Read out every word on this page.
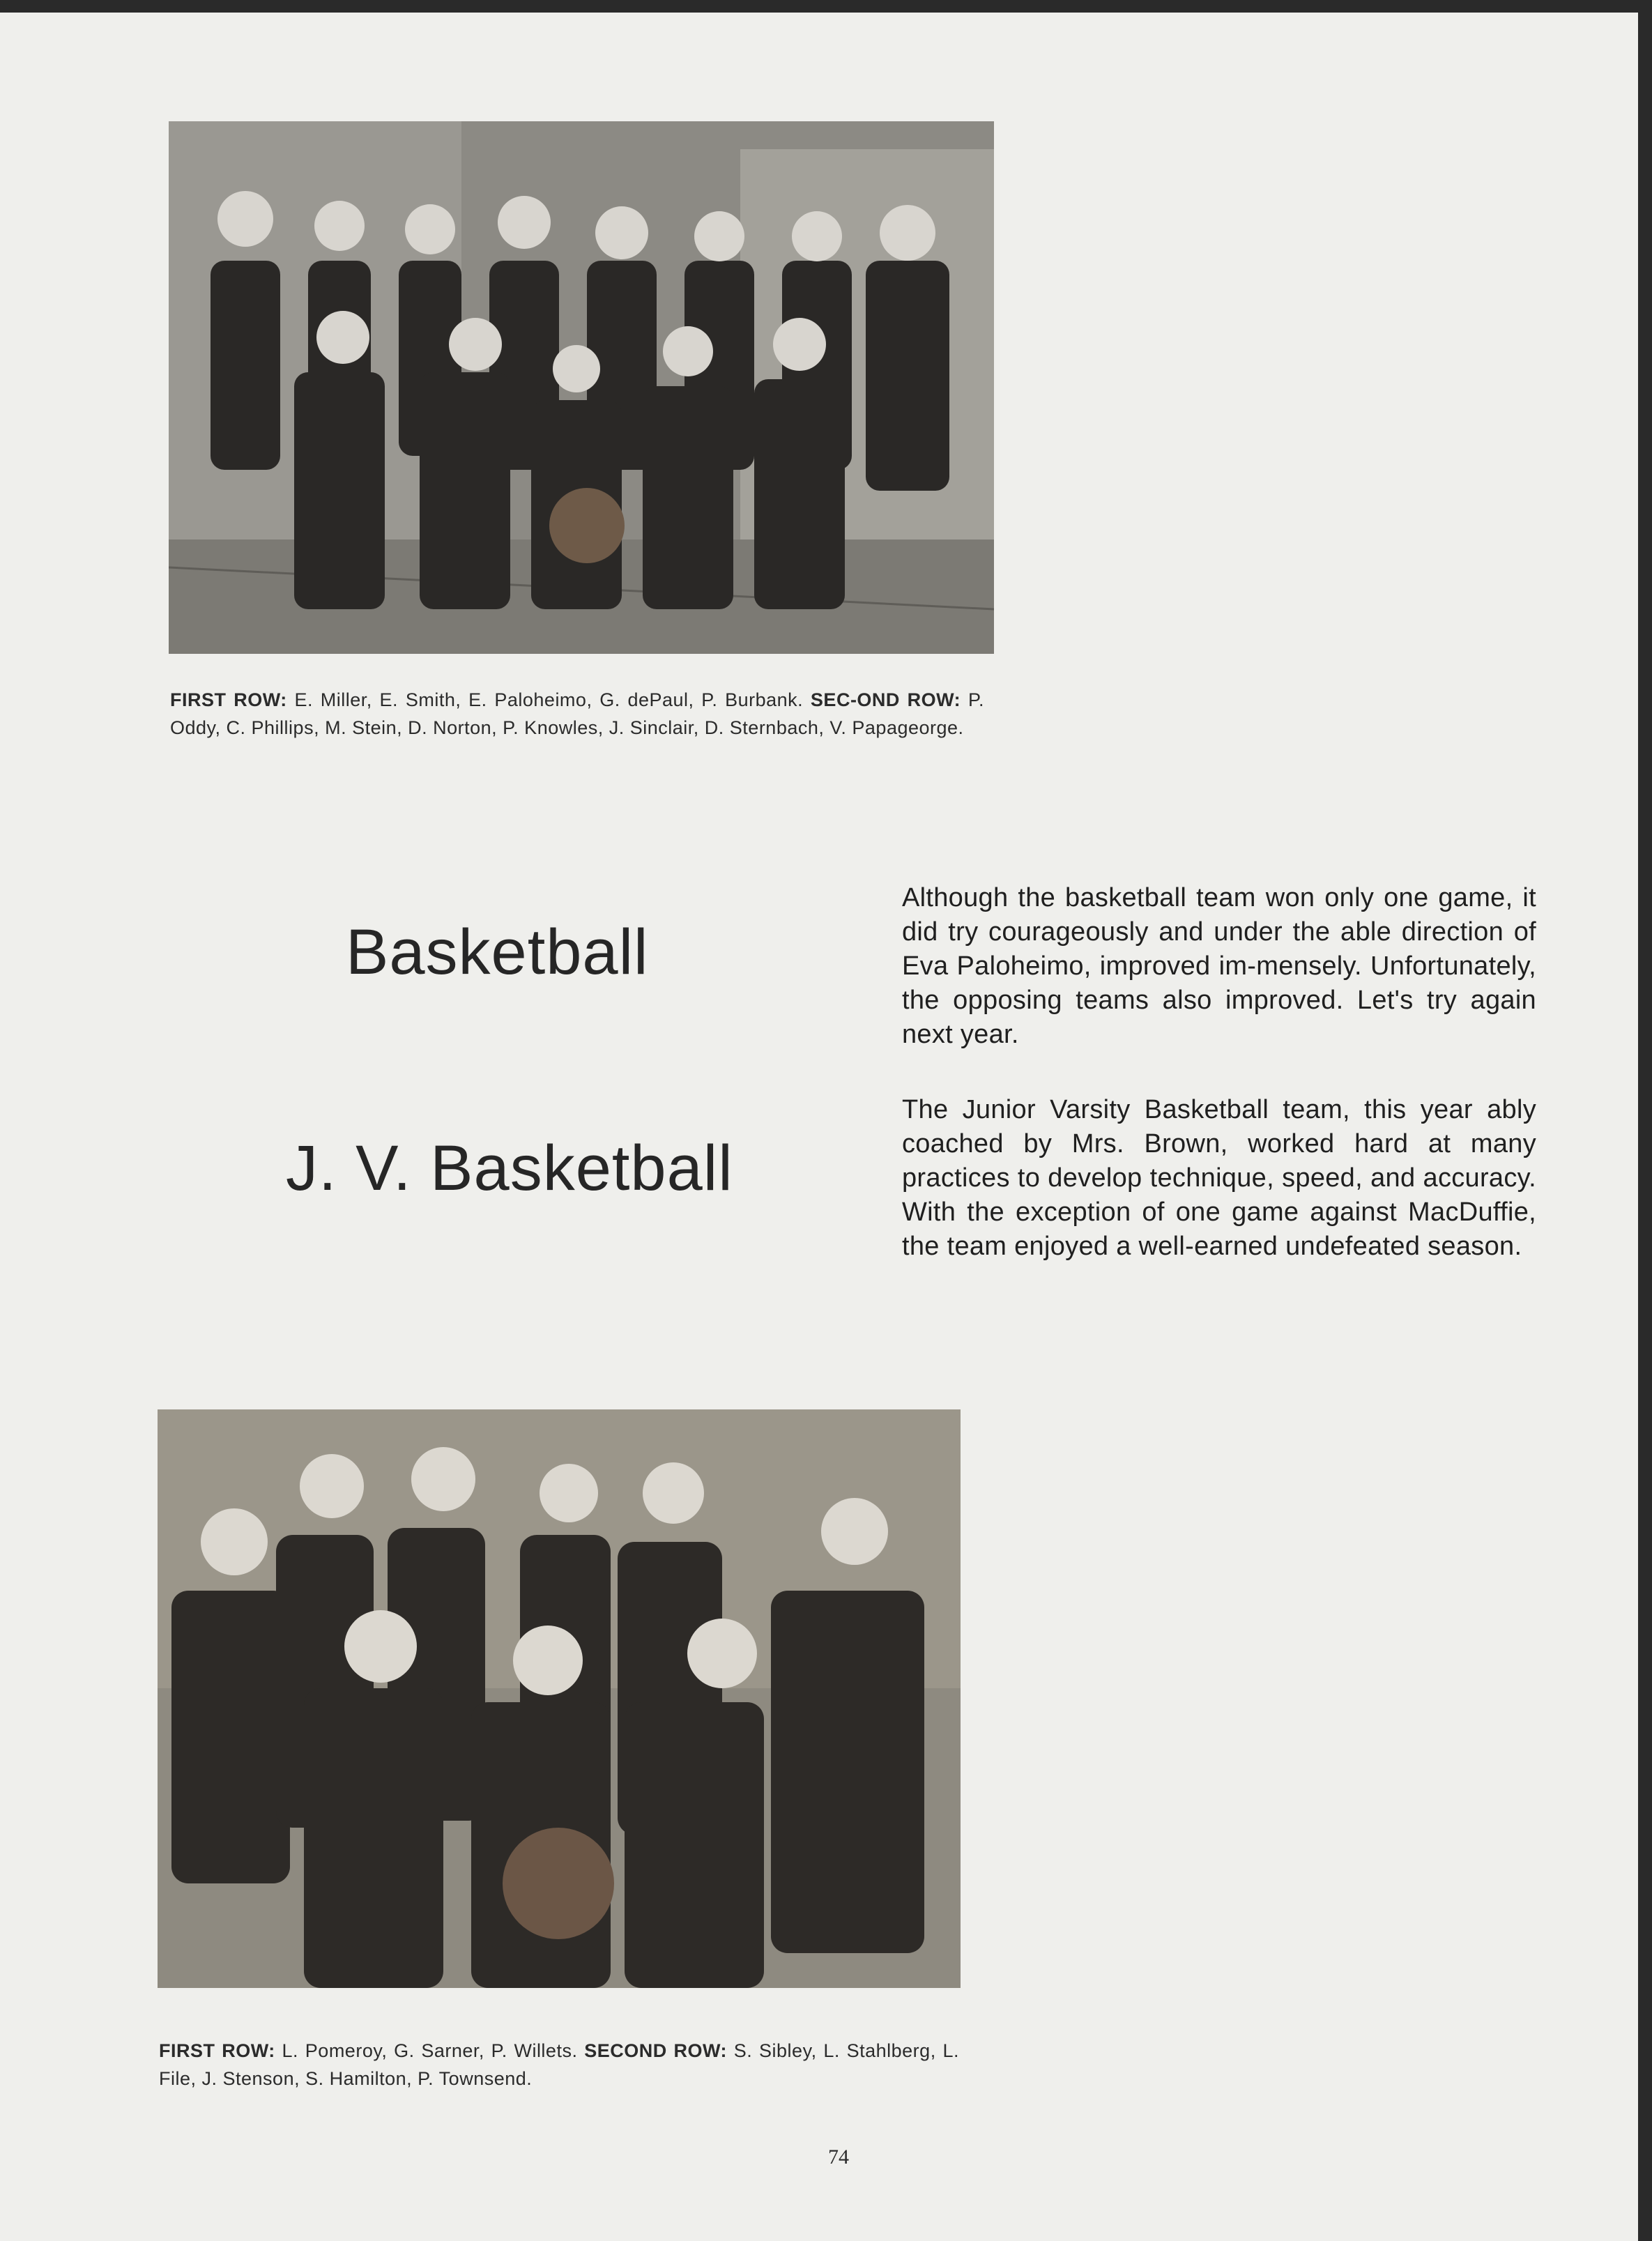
FIRST ROW: E. Miller, E. Smith, E. Paloheimo, G. dePaul, P. Burbank. SEC-OND ROW: P. Oddy, C. Phillips, M. Stein, D. Norton, P. Knowles, J. Sinclair, D. Sternbach, V. Papageorge.
Basketball
J. V. Basketball

Although the basketball team won only one game, it did try courageously and under the able direction of Eva Paloheimo, improved im-mensely. Unfortunately, the opposing teams also improved. Let's try again next year.

The Junior Varsity Basketball team, this year ably coached by Mrs. Brown, worked hard at many practices to develop technique, speed, and accuracy. With the exception of one game against MacDuffie, the team enjoyed a well-earned undefeated season.

FIRST ROW: L. Pomeroy, G. Sarner, P. Willets. SECOND ROW: S. Sibley, L. Stahlberg, L. File, J. Stenson, S. Hamilton, P. Townsend.
74
